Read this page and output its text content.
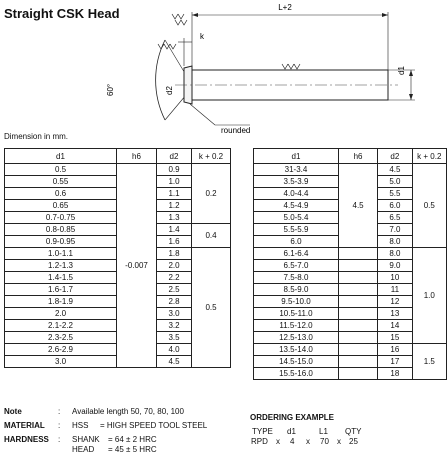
Straight CSK Head	L+2
k
d1
d2
60°
rounded
Dimension in mm.
d1	h6	d2	k + 0.2
0.5	-0.007	0.9	0.2
0.55		1.0	
0.6		1.1	
0.65		1.2	
0.7-0.75		1.3	
0.8-0.85		1.4	0.4
0.9-0.95		1.6	
1.0-1.1		1.8	0.5
1.2-1.3		2.0	
1.4-1.5		2.2	
1.6-1.7		2.5	
1.8-1.9		2.8	
2.0		3.0	
2.1-2.2		3.2	
2.3-2.5		3.5	
2.6-2.9		4.0	
3.0		4.5	
d1	h6	d2	k + 0.2
31-3.4	4.5	4.5	0.5
3.5-3.9		5.0	
4.0-4.4		5.5	
4.5-4.9		6.0	
5.0-5.4		6.5	
5.5-5.9		7.0	
6.0		8.0	
6.1-6.4		8.0	1.0
6.5-7.0		9.0	
7.5-8.0		10	
8.5-9.0		11	
9.5-10.0		12	
10.5-11.0		13	
11.5-12.0		14	
12.5-13.0		15	
13.5-14.0		16	1.5
14.5-15.0		17	
15.5-16.0		18	
Note	: Available length 50, 70, 80, 100
MATERIAL : HSS = HIGH SPEED TOOL STEEL
HARDNESS : SHANK = 64 ± 2 HRC
HEAD = 45 ± 5 HRC
ORDERING EXAMPLE
TYPE d1	L1 QTY
RPD x 4 x 70 x 25
